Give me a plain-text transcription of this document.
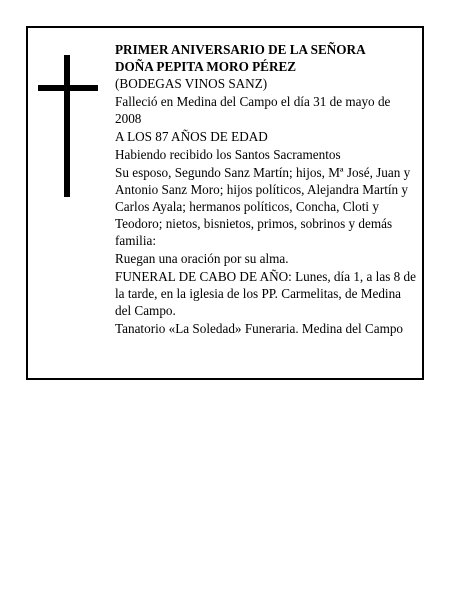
PRIMER ANIVERSARIO DE LA SEÑORA

DOÑA PEPITA MORO PÉREZ

(BODEGAS VINOS SANZ)

Falleció en Medina del Campo el día 31 de mayo de 2008

A LOS 87 AÑOS DE EDAD

Habiendo recibido los Santos Sacramentos

Su esposo, Segundo Sanz Martín; hijos, Mª José, Juan y Antonio Sanz Moro; hijos políticos, Alejandra Martín y Carlos Ayala; hermanos políticos, Concha, Cloti y Teodoro; nietos, bisnietos, primos, sobrinos y demás familia:

Ruegan una oración por su alma.

FUNERAL DE CABO DE AÑO: Lunes, día 1, a las 8 de la tarde, en la iglesia de los PP. Carmelitas, de Medina del Campo.

Tanatorio «La Soledad» Funeraria. Medina del Campo
